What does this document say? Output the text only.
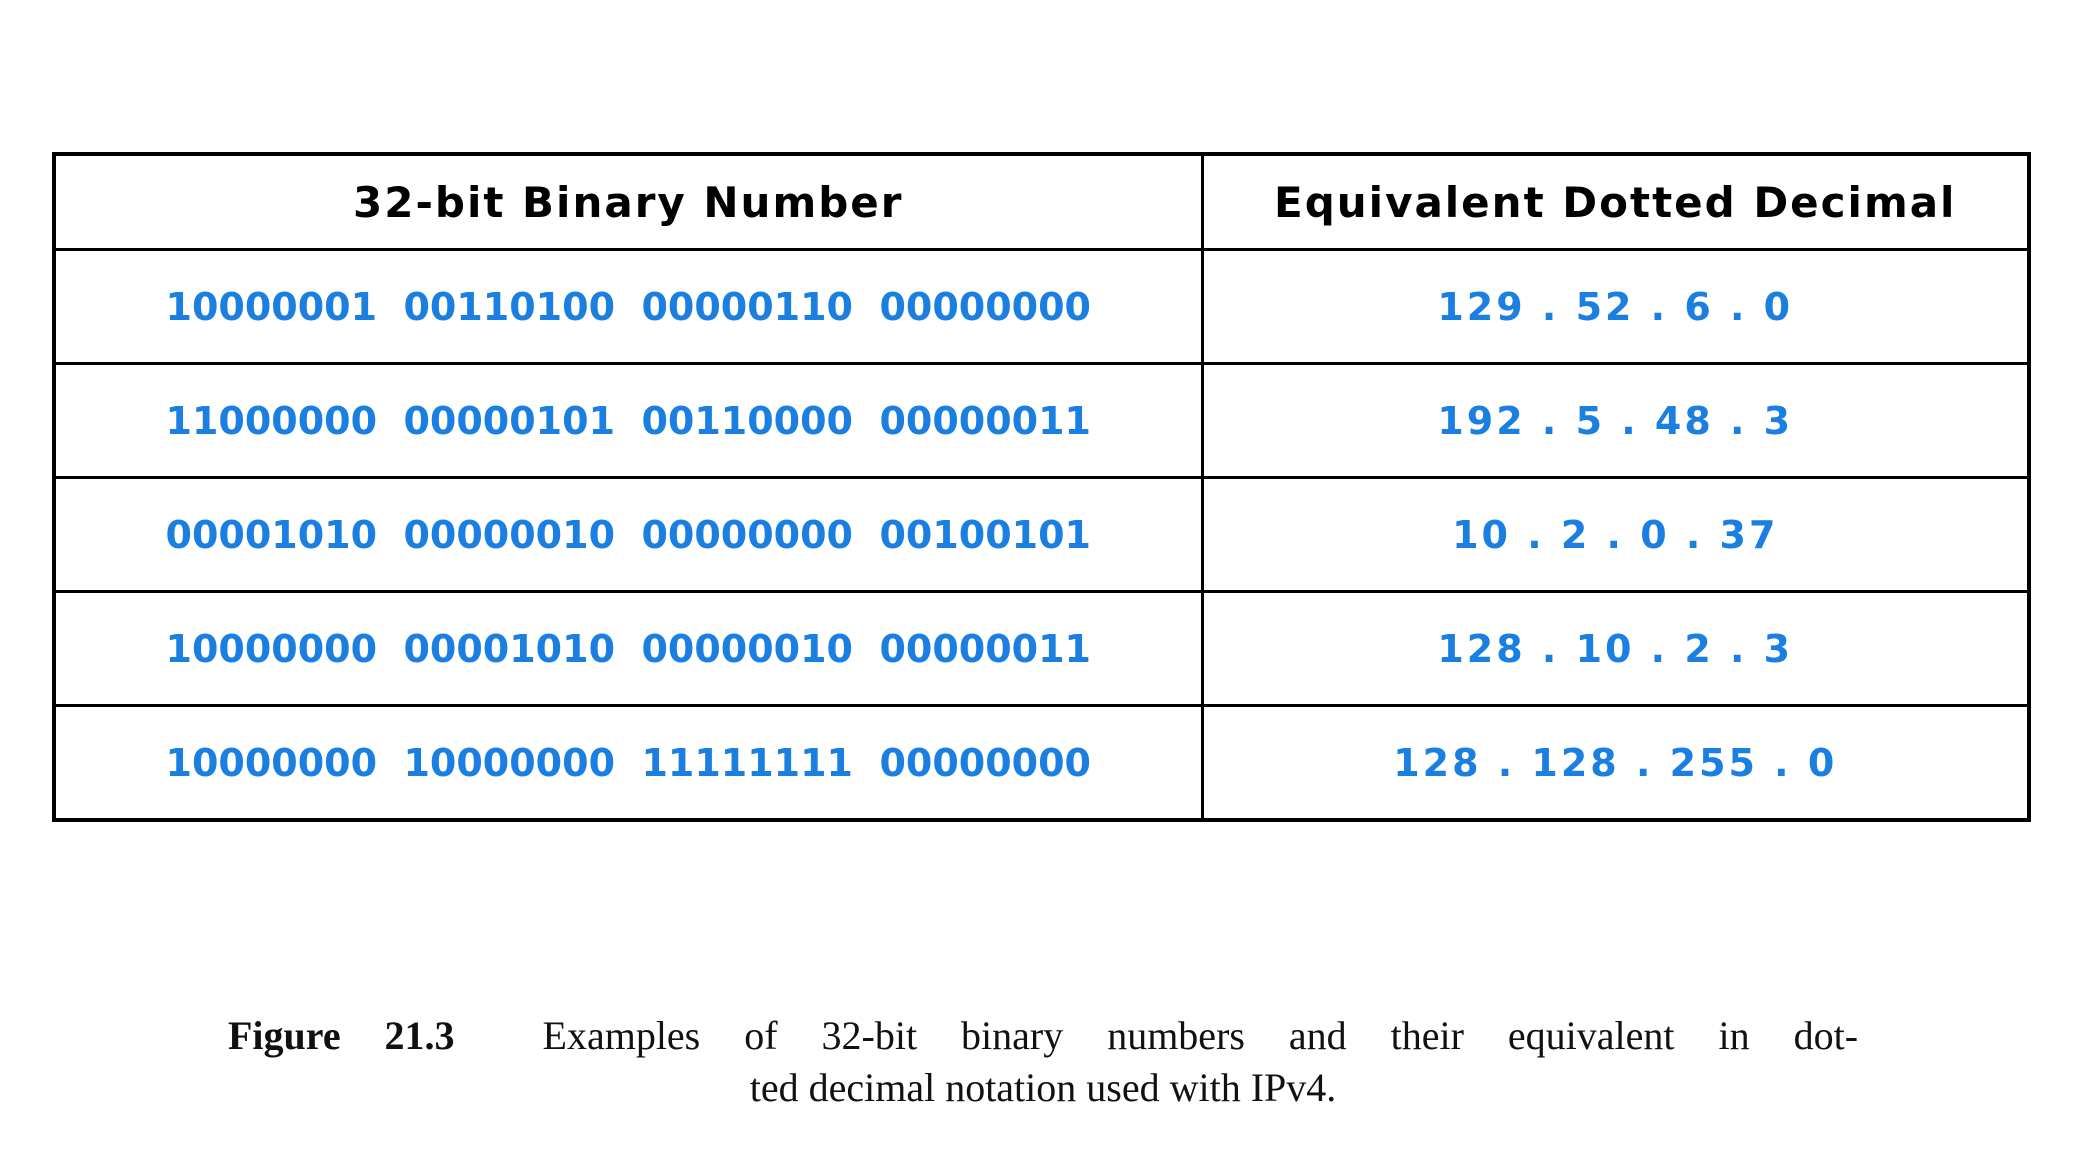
32-bit Binary Number	Equivalent Dotted Decimal
10000001  00110100  00000110  00000000	129 . 52 . 6 . 0
11000000  00000101  00110000  00000011	192 . 5 . 48 . 3
00001010  00000010  00000000  00100101	10 . 2 . 0 . 37
10000000  00001010  00000010  00000011	128 . 10 . 2 . 3
10000000  10000000  11111111  00000000	128 . 128 . 255 . 0
Figure 21.3 Examples of 32-bit binary numbers and their equivalent in dot-
ted decimal notation used with IPv4.
